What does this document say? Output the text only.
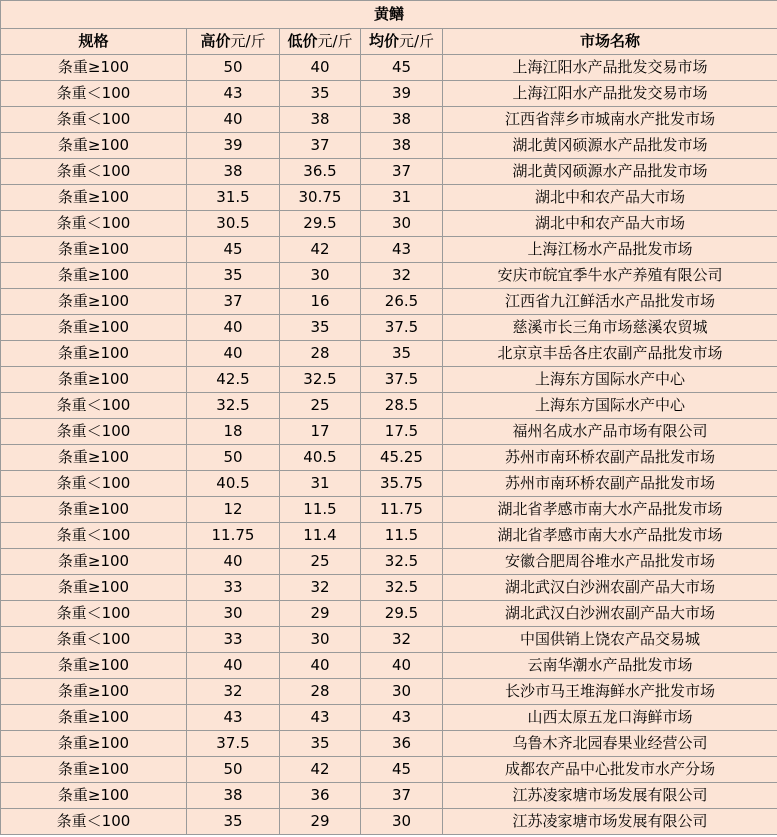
黄鳝				
规格	高价元/斤	低价元/斤	均价元/斤	市场名称
条重≥100	50	40	45	上海江阳水产品批发交易市场
条重＜100	43	35	39	上海江阳水产品批发交易市场
条重＜100	40	38	38	江西省萍乡市城南水产批发市场
条重≥100	39	37	38	湖北黄冈硕源水产品批发市场
条重＜100	38	36.5	37	湖北黄冈硕源水产品批发市场
条重≥100	31.5	30.75	31	湖北中和农产品大市场
条重＜100	30.5	29.5	30	湖北中和农产品大市场
条重≥100	45	42	43	上海江杨水产品批发市场
条重≥100	35	30	32	安庆市皖宜季牛水产养殖有限公司
条重≥100	37	16	26.5	江西省九江鲜活水产品批发市场
条重≥100	40	35	37.5	慈溪市长三角市场慈溪农贸城
条重≥100	40	28	35	北京京丰岳各庄农副产品批发市场
条重≥100	42.5	32.5	37.5	上海东方国际水产中心
条重＜100	32.5	25	28.5	上海东方国际水产中心
条重＜100	18	17	17.5	福州名成水产品市场有限公司
条重≥100	50	40.5	45.25	苏州市南环桥农副产品批发市场
条重＜100	40.5	31	35.75	苏州市南环桥农副产品批发市场
条重≥100	12	11.5	11.75	湖北省孝感市南大水产品批发市场
条重＜100	11.75	11.4	11.5	湖北省孝感市南大水产品批发市场
条重≥100	40	25	32.5	安徽合肥周谷堆水产品批发市场
条重≥100	33	32	32.5	湖北武汉白沙洲农副产品大市场
条重＜100	30	29	29.5	湖北武汉白沙洲农副产品大市场
条重＜100	33	30	32	中国供销上饶农产品交易城
条重≥100	40	40	40	云南华潮水产品批发市场
条重≥100	32	28	30	长沙市马王堆海鲜水产批发市场
条重≥100	43	43	43	山西太原五龙口海鲜市场
条重≥100	37.5	35	36	乌鲁木齐北园春果业经营公司
条重≥100	50	42	45	成都农产品中心批发市水产分场
条重≥100	38	36	37	江苏凌家塘市场发展有限公司
条重＜100	35	29	30	江苏凌家塘市场发展有限公司
